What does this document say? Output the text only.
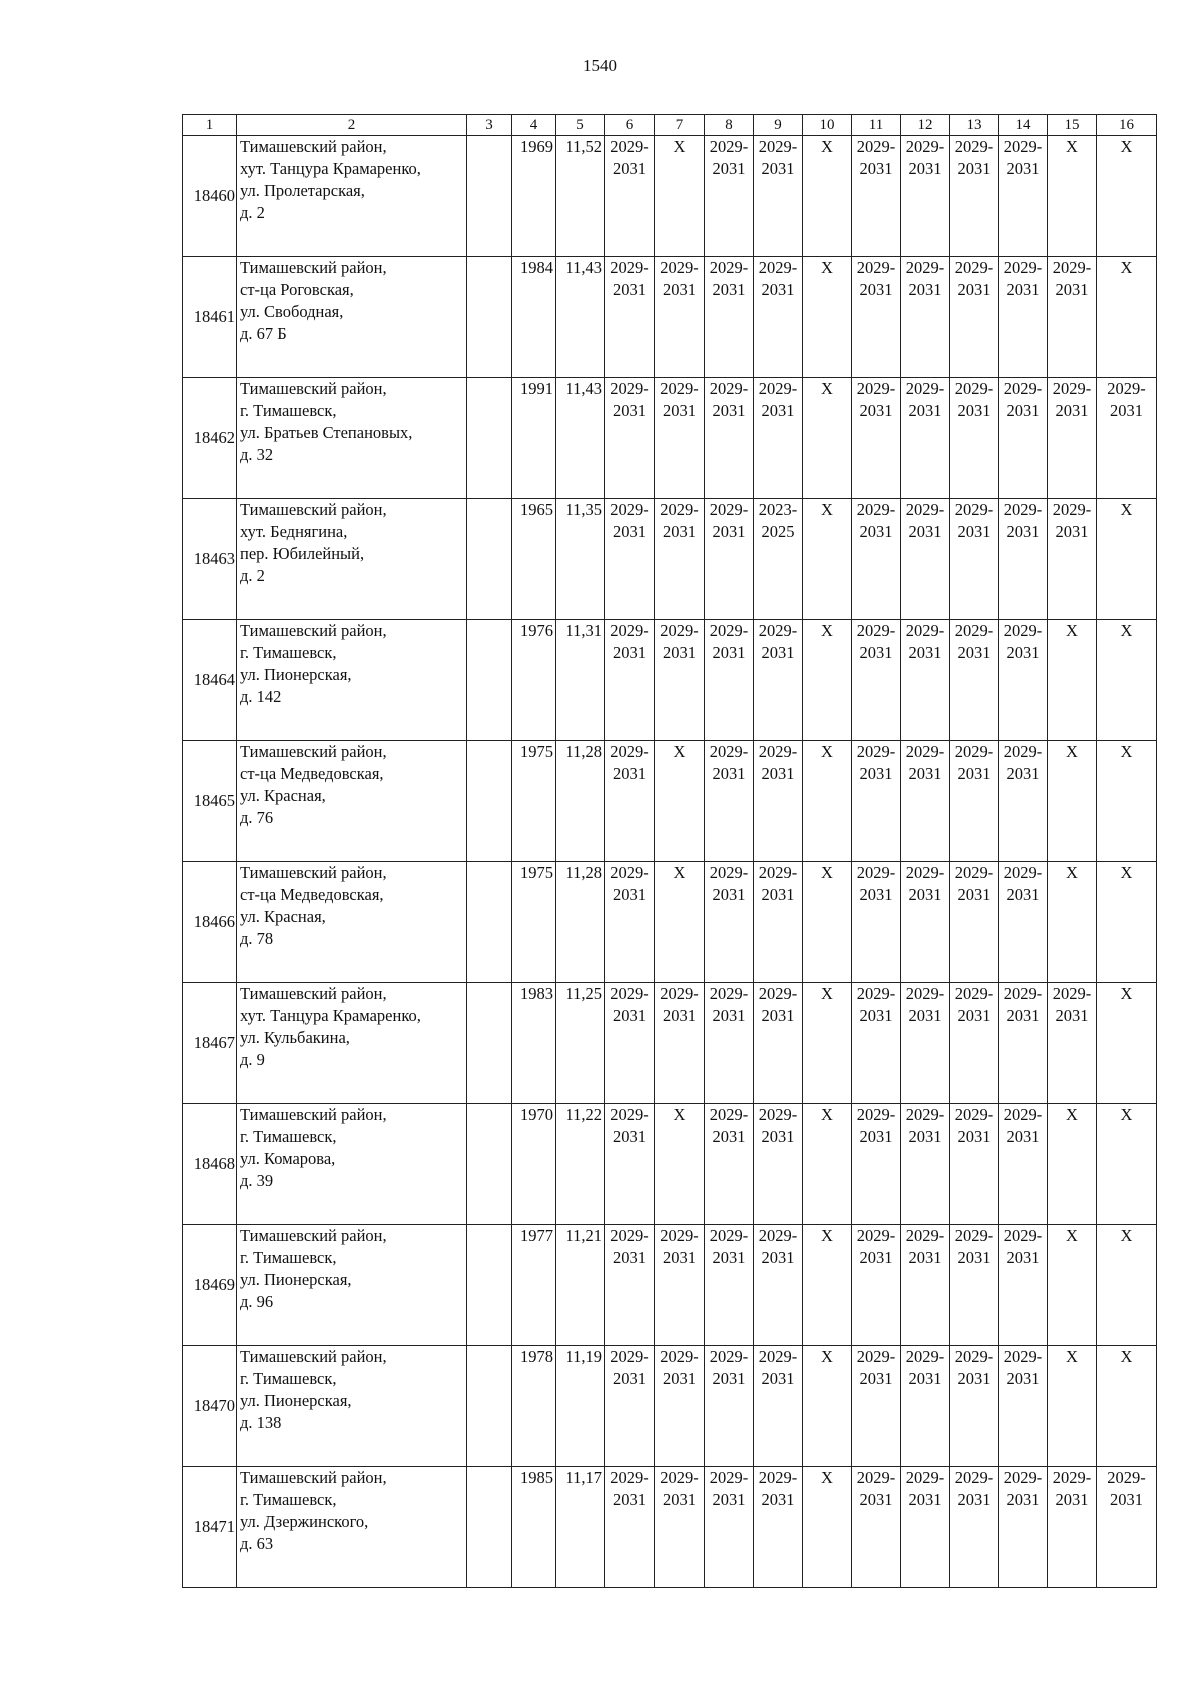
1540
1	2	3	4	5	6	7	8	9	10	11	12	13	14	15	16
18460	Тимашевский район,
хут. Танцура Крамаренко,
ул. Пролетарская,
д. 2		1969	11,52	2029-
2031	X	2029-
2031	2029-
2031	X	2029-
2031	2029-
2031	2029-
2031	2029-
2031	X	X
18461	Тимашевский район,
ст-ца Роговская,
ул. Свободная,
д. 67 Б		1984	11,43	2029-
2031	2029-
2031	2029-
2031	2029-
2031	X	2029-
2031	2029-
2031	2029-
2031	2029-
2031	2029-
2031	X
18462	Тимашевский район,
г. Тимашевск,
ул. Братьев Степановых,
д. 32		1991	11,43	2029-
2031	2029-
2031	2029-
2031	2029-
2031	X	2029-
2031	2029-
2031	2029-
2031	2029-
2031	2029-
2031	2029-
2031
18463	Тимашевский район,
хут. Беднягина,
пер. Юбилейный,
д. 2		1965	11,35	2029-
2031	2029-
2031	2029-
2031	2023-
2025	X	2029-
2031	2029-
2031	2029-
2031	2029-
2031	2029-
2031	X
18464	Тимашевский район,
г. Тимашевск,
ул. Пионерская,
д. 142		1976	11,31	2029-
2031	2029-
2031	2029-
2031	2029-
2031	X	2029-
2031	2029-
2031	2029-
2031	2029-
2031	X	X
18465	Тимашевский район,
ст-ца Медведовская,
ул. Красная,
д. 76		1975	11,28	2029-
2031	X	2029-
2031	2029-
2031	X	2029-
2031	2029-
2031	2029-
2031	2029-
2031	X	X
18466	Тимашевский район,
ст-ца Медведовская,
ул. Красная,
д. 78		1975	11,28	2029-
2031	X	2029-
2031	2029-
2031	X	2029-
2031	2029-
2031	2029-
2031	2029-
2031	X	X
18467	Тимашевский район,
хут. Танцура Крамаренко,
ул. Кульбакина,
д. 9		1983	11,25	2029-
2031	2029-
2031	2029-
2031	2029-
2031	X	2029-
2031	2029-
2031	2029-
2031	2029-
2031	2029-
2031	X
18468	Тимашевский район,
г. Тимашевск,
ул. Комарова,
д. 39		1970	11,22	2029-
2031	X	2029-
2031	2029-
2031	X	2029-
2031	2029-
2031	2029-
2031	2029-
2031	X	X
18469	Тимашевский район,
г. Тимашевск,
ул. Пионерская,
д. 96		1977	11,21	2029-
2031	2029-
2031	2029-
2031	2029-
2031	X	2029-
2031	2029-
2031	2029-
2031	2029-
2031	X	X
18470	Тимашевский район,
г. Тимашевск,
ул. Пионерская,
д. 138		1978	11,19	2029-
2031	2029-
2031	2029-
2031	2029-
2031	X	2029-
2031	2029-
2031	2029-
2031	2029-
2031	X	X
18471	Тимашевский район,
г. Тимашевск,
ул. Дзержинского,
д. 63		1985	11,17	2029-
2031	2029-
2031	2029-
2031	2029-
2031	X	2029-
2031	2029-
2031	2029-
2031	2029-
2031	2029-
2031	2029-
2031
